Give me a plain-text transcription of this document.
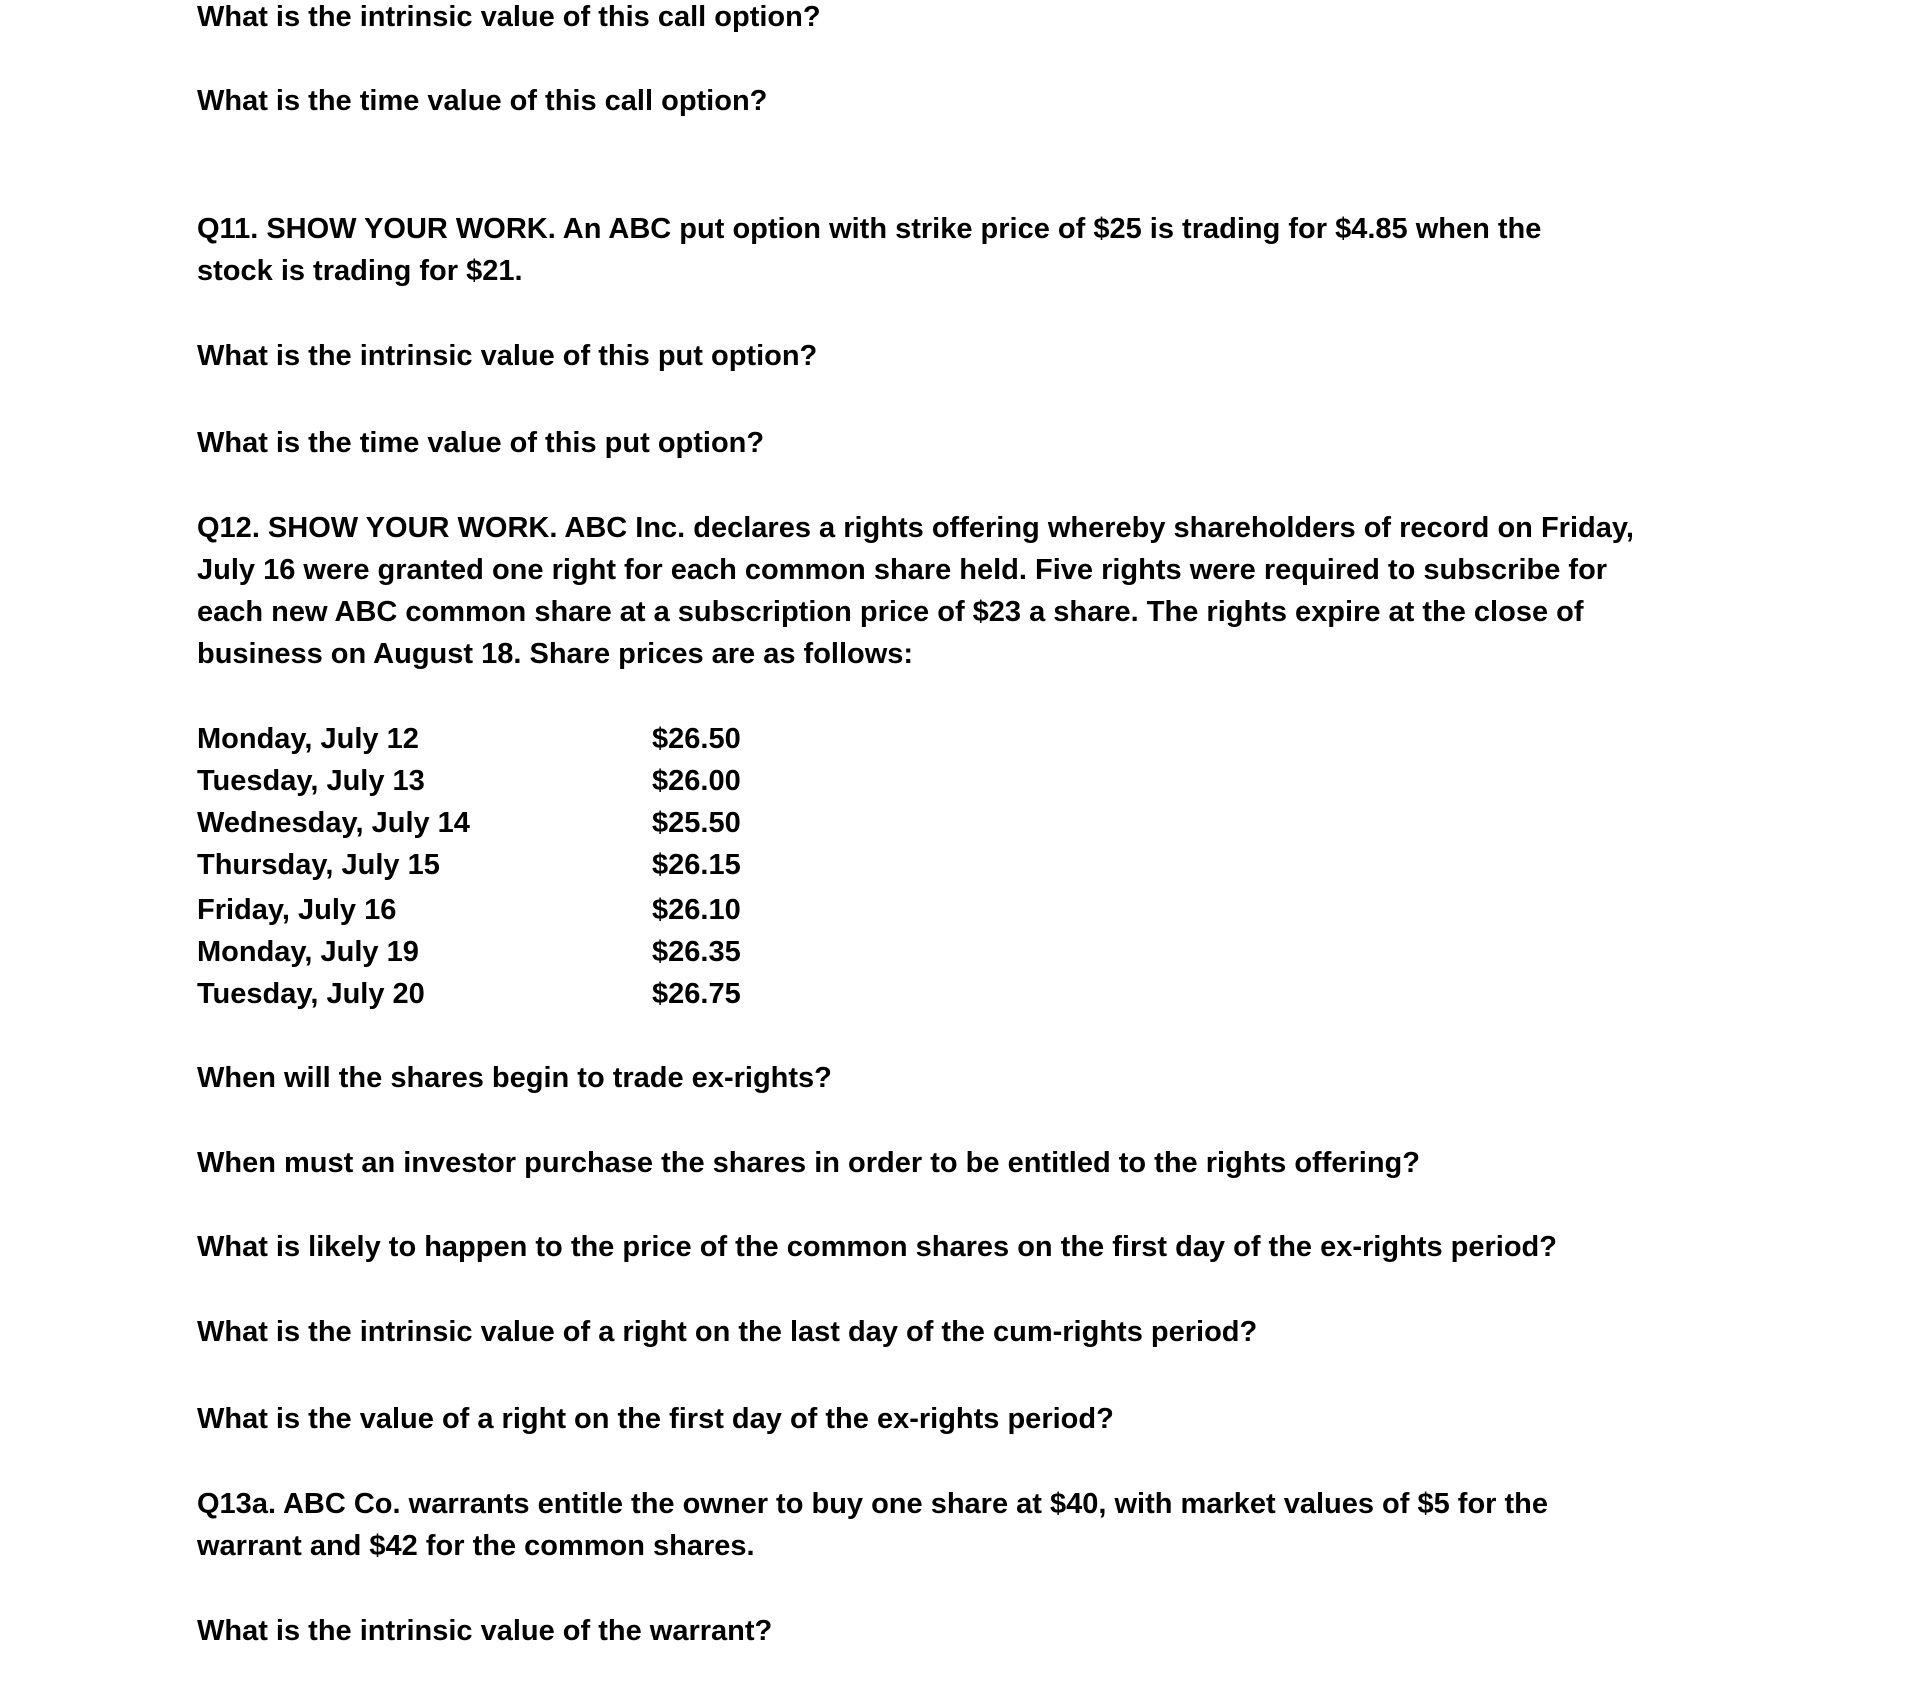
What is the intrinsic value of this call option?

What is the time value of this call option?

Q11. SHOW YOUR WORK. An ABC put option with strike price of $25 is trading for $4.85 when the

stock is trading for $21.

What is the intrinsic value of this put option?

What is the time value of this put option?

Q12. SHOW YOUR WORK. ABC Inc. declares a rights offering whereby shareholders of record on Friday,

July 16 were granted one right for each common share held. Five rights were required to subscribe for

each new ABC common share at a subscription price of $23 a share. The rights expire at the close of

business on August 18. Share prices are as follows:

Monday, July 12	$26.50
Tuesday, July 13	$26.00
Wednesday, July 14	$25.50
Thursday, July 15	$26.15
Friday, July 16	$26.10
Monday, July 19	$26.35
Tuesday, July 20	$26.75

When will the shares begin to trade ex-rights?

When must an investor purchase the shares in order to be entitled to the rights offering?

What is likely to happen to the price of the common shares on the first day of the ex-rights period?

What is the intrinsic value of a right on the last day of the cum-rights period?

What is the value of a right on the first day of the ex-rights period?

Q13a. ABC Co. warrants entitle the owner to buy one share at $40, with market values of $5 for the

warrant and $42 for the common shares.

What is the intrinsic value of the warrant?
